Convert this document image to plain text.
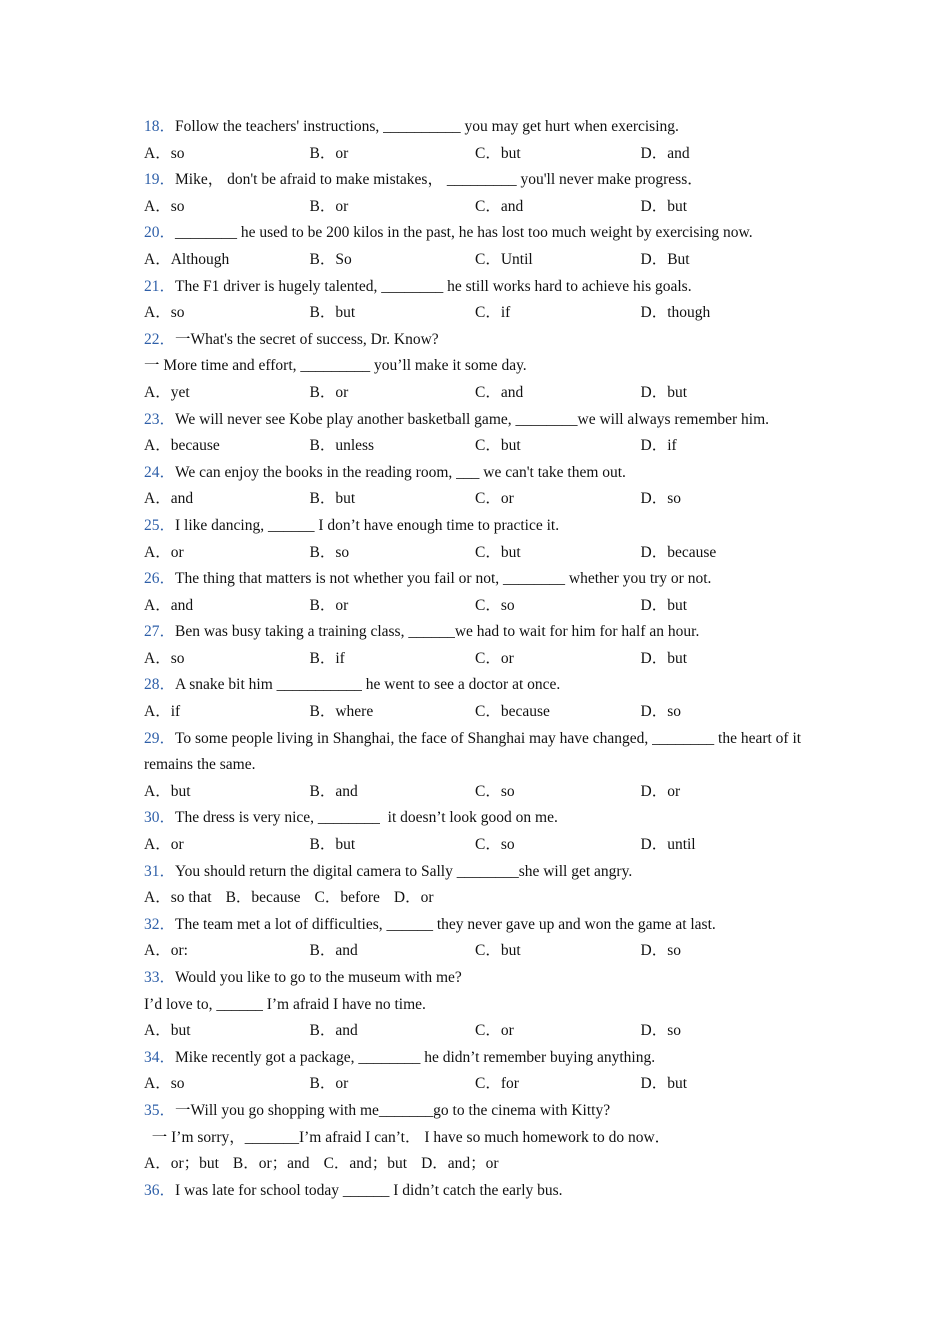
18．Follow the teachers' instructions, __________ you may get hurt when exercising.

A．so	B．or	C．but	D．and

19．Mike， don't be afraid to make mistakes， _________ you'll never make progress．

A．so	B．or	C．and	D．but

20．________ he used to be 200 kilos in the past, he has lost too much weight by exercising now.

A．Although	B．So	C．Until	D．But

21．The F1 driver is hugely talented, ________ he still works hard to achieve his goals.

A．so	B．but	C．if	D．though

22．一What's the secret of success, Dr. Know?

一 More time and effort, _________ you’ll make it some day.

A．yet	B．or	C．and	D．but

23．We will never see Kobe play another basketball game, ________we will always remember him.

A．because	B．unless	C．but	D．if

24．We can enjoy the books in the reading room, ___ we can't take them out.

A．and	B．but	C．or	D．so

25．I like dancing, ______ I don’t have enough time to practice it.

A．or	B．so	C．but	D．because

26．The thing that matters is not whether you fail or not, ________ whether you try or not.

A．and	B．or	C．so	D．but

27．Ben was busy taking a training class, ______we had to wait for him for half an hour.

A．so	B．if	C．or	D．but

28．A snake bit him ___________ he went to see a doctor at once.

A．if	B．where	C．because	D．so

29．To some people living in Shanghai, the face of Shanghai may have changed, ________ the heart of it remains the same.

A．but	B．and	C．so	D．or

30．The dress is very nice, ________  it doesn’t look good on me.

A．or	B．but	C．so	D．until

31．You should return the digital camera to Sally ________she will get angry.

A．so that B．because C．before D．or

32．The team met a lot of difficulties, ______ they never gave up and won the game at last.

A．or:	B．and	C．but	D．so

33．Would you like to go to the museum with me?

I’d love to, ______ I’m afraid I have no time.

A．but	B．and	C．or	D．so

34．Mike recently got a package, ________ he didn’t remember buying anything.

A．so	B．or	C．for	D．but

35．一Will you go shopping with me_______go to the cinema with Kitty?

一 I’m sorry，_______I’m afraid I can’t． I have so much homework to do now．

A．or；but B．or；and C．and；but D．and；or

36．I was late for school today ______ I didn’t catch the early bus.
